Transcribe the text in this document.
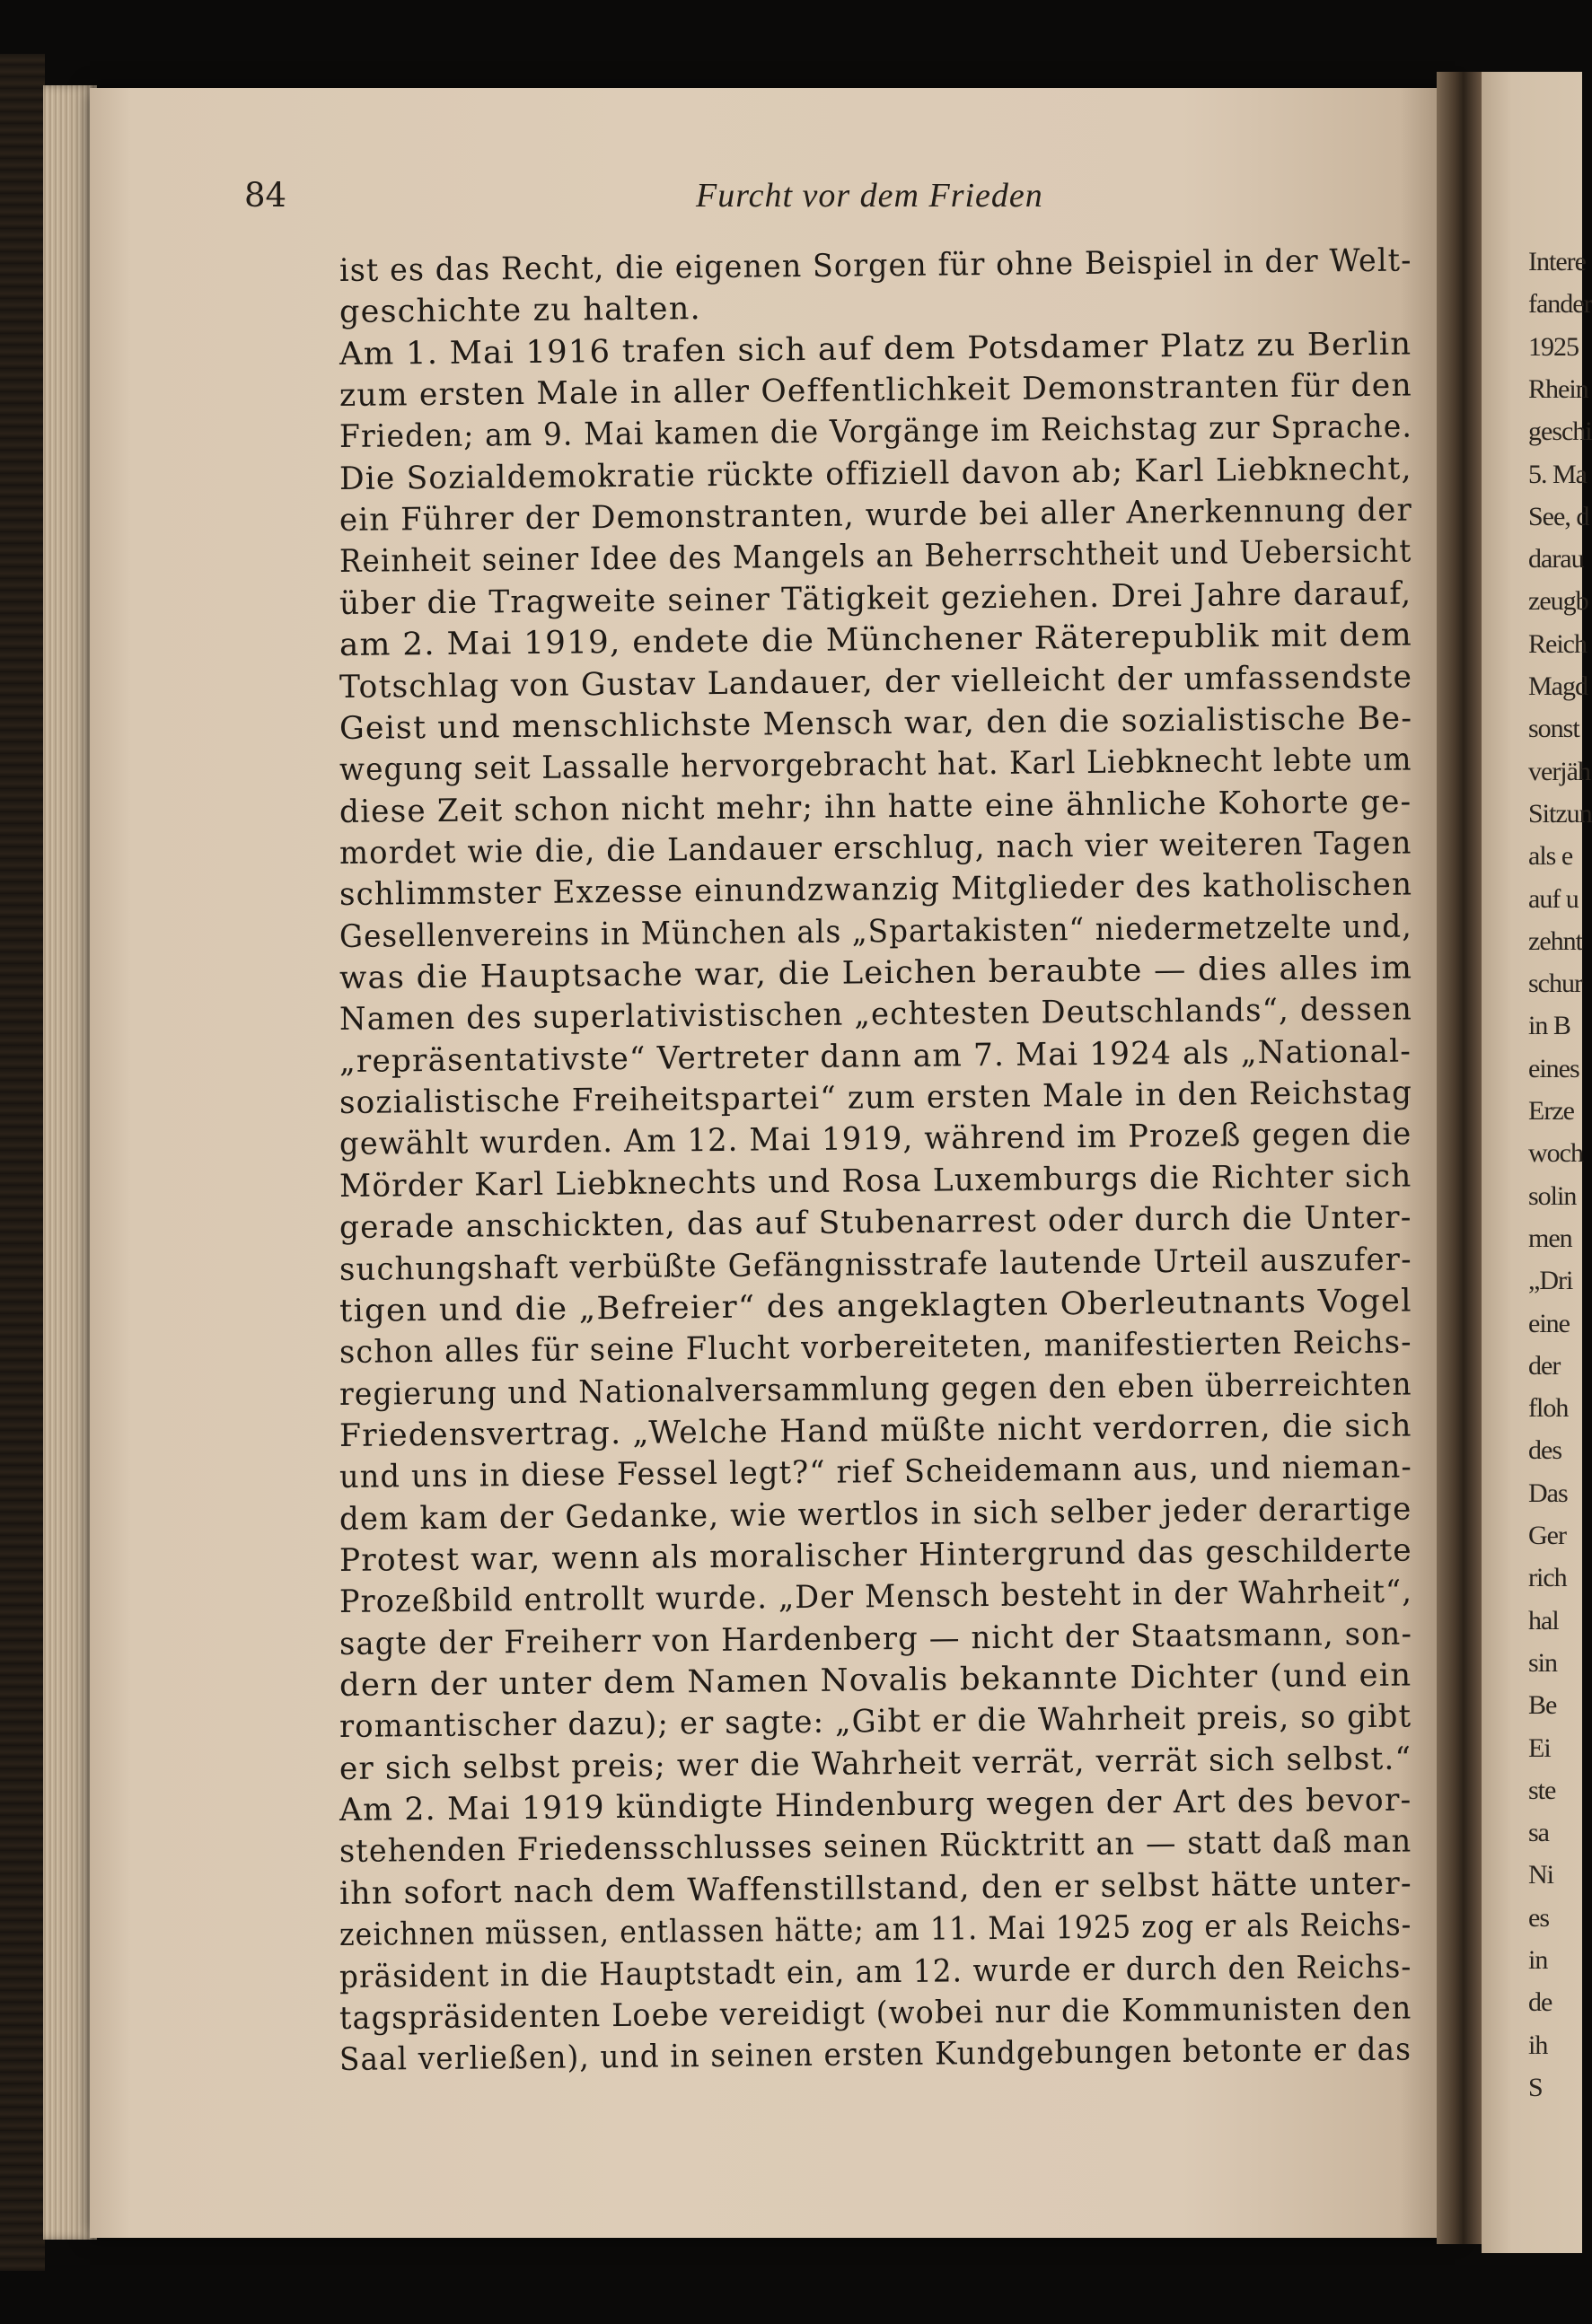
84	Furcht vor dem Frieden
ist es das Recht, die eigenen Sorgen für ohne Beispiel in der Welt-
geschichte zu halten.
Am 1. Mai 1916 trafen sich auf dem Potsdamer Platz zu Berlin
zum ersten Male in aller Oeffentlichkeit Demonstranten für den
Frieden; am 9. Mai kamen die Vorgänge im Reichstag zur Sprache.
Die Sozialdemokratie rückte offiziell davon ab; Karl Liebknecht,
ein Führer der Demonstranten, wurde bei aller Anerkennung der
Reinheit seiner Idee des Mangels an Beherrschtheit und Uebersicht
über die Tragweite seiner Tätigkeit geziehen. Drei Jahre darauf,
am 2. Mai 1919, endete die Münchener Räterepublik mit dem
Totschlag von Gustav Landauer, der vielleicht der umfassendste
Geist und menschlichste Mensch war, den die sozialistische Be-
wegung seit Lassalle hervorgebracht hat. Karl Liebknecht lebte um
diese Zeit schon nicht mehr; ihn hatte eine ähnliche Kohorte ge-
mordet wie die, die Landauer erschlug, nach vier weiteren Tagen
schlimmster Exzesse einundzwanzig Mitglieder des katholischen
Gesellenvereins in München als „Spartakisten“ niedermetzelte und,
was die Hauptsache war, die Leichen beraubte — dies alles im
Namen des superlativistischen „echtesten Deutschlands“, dessen
„repräsentativste“ Vertreter dann am 7. Mai 1924 als „National-
sozialistische Freiheitspartei“ zum ersten Male in den Reichstag
gewählt wurden. Am 12. Mai 1919, während im Prozeß gegen die
Mörder Karl Liebknechts und Rosa Luxemburgs die Richter sich
gerade anschickten, das auf Stubenarrest oder durch die Unter-
suchungshaft verbüßte Gefängnisstrafe lautende Urteil auszufer-
tigen und die „Befreier“ des angeklagten Oberleutnants Vogel
schon alles für seine Flucht vorbereiteten, manifestierten Reichs-
regierung und Nationalversammlung gegen den eben überreichten
Friedensvertrag. „Welche Hand müßte nicht verdorren, die sich
und uns in diese Fessel legt?“ rief Scheidemann aus, und nieman-
dem kam der Gedanke, wie wertlos in sich selber jeder derartige
Protest war, wenn als moralischer Hintergrund das geschilderte
Prozeßbild entrollt wurde. „Der Mensch besteht in der Wahrheit“,
sagte der Freiherr von Hardenberg — nicht der Staatsmann, son-
dern der unter dem Namen Novalis bekannte Dichter (und ein
romantischer dazu); er sagte: „Gibt er die Wahrheit preis, so gibt
er sich selbst preis; wer die Wahrheit verrät, verrät sich selbst.“
Am 2. Mai 1919 kündigte Hindenburg wegen der Art des bevor-
stehenden Friedensschlusses seinen Rücktritt an — statt daß man
ihn sofort nach dem Waffenstillstand, den er selbst hätte unter-
zeichnen müssen, entlassen hätte; am 11. Mai 1925 zog er als Reichs-
präsident in die Hauptstadt ein, am 12. wurde er durch den Reichs-
tagspräsidenten Loebe vereidigt (wobei nur die Kommunisten den
Saal verließen), und in seinen ersten Kundgebungen betonte er das
Intere
fander
1925
Rhein
geschi
5. Ma
See, d
darau
zeugb
Reich
Magd
sonst
verjäh
Sitzun
als e
auf u
zehnt
schur
in B
eines
Erze
woch
solin
men
„Dri
eine
der
floh
des
Das
Ger
rich
hal
sin
Be
Ei
ste
sa
Ni
es
in
de
ih
S
